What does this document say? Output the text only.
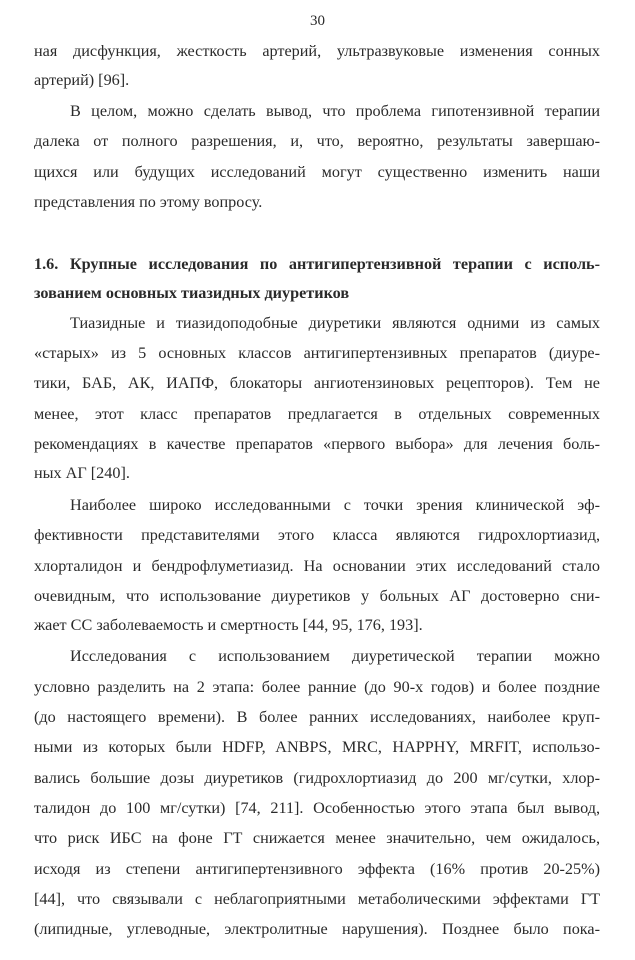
30
ная дисфункция, жесткость артерий, ультразвуковые изменения сонных
артерий) [96].
В целом, можно сделать вывод, что проблема гипотензивной терапии
далека от полного разрешения, и, что, вероятно, результаты завершаю-
щихся или будущих исследований могут существенно изменить наши
представления по этому вопросу.
1.6. Крупные исследования по антигипертензивной терапии с исполь-
зованием основных тиазидных диуретиков
Тиазидные и тиазидоподобные диуретики являются одними из самых
«старых» из 5 основных классов антигипертензивных препаратов (диуре-
тики, БАБ, АК, ИАПФ, блокаторы ангиотензиновых рецепторов). Тем не
менее, этот класс препаратов предлагается в отдельных современных
рекомендациях в качестве препаратов «первого выбора» для лечения боль-
ных АГ [240].
Наиболее широко исследованными с точки зрения клинической эф-
фективности представителями этого класса являются гидрохлортиазид,
хлорталидон и бендрофлуметиазид. На основании этих исследований стало
очевидным, что использование диуретиков у больных АГ достоверно сни-
жает СС заболеваемость и смертность [44, 95, 176, 193].
Исследования с использованием диуретической терапии можно
условно разделить на 2 этапа: более ранние (до 90-х годов) и более поздние
(до настоящего времени). В более ранних исследованиях, наиболее круп-
ными из которых были HDFP, ANBPS, MRC, HAPPHY, MRFIT, использо-
вались большие дозы диуретиков (гидрохлортиазид до 200 мг/сутки, хлор-
талидон до 100 мг/сутки) [74, 211]. Особенностью этого этапа был вывод,
что риск ИБС на фоне ГТ снижается менее значительно, чем ожидалось,
исходя из степени антигипертензивного эффекта (16% против 20-25%)
[44], что связывали с неблагоприятными метаболическими эффектами ГТ
(липидные, углеводные, электролитные нарушения). Позднее было пока-
